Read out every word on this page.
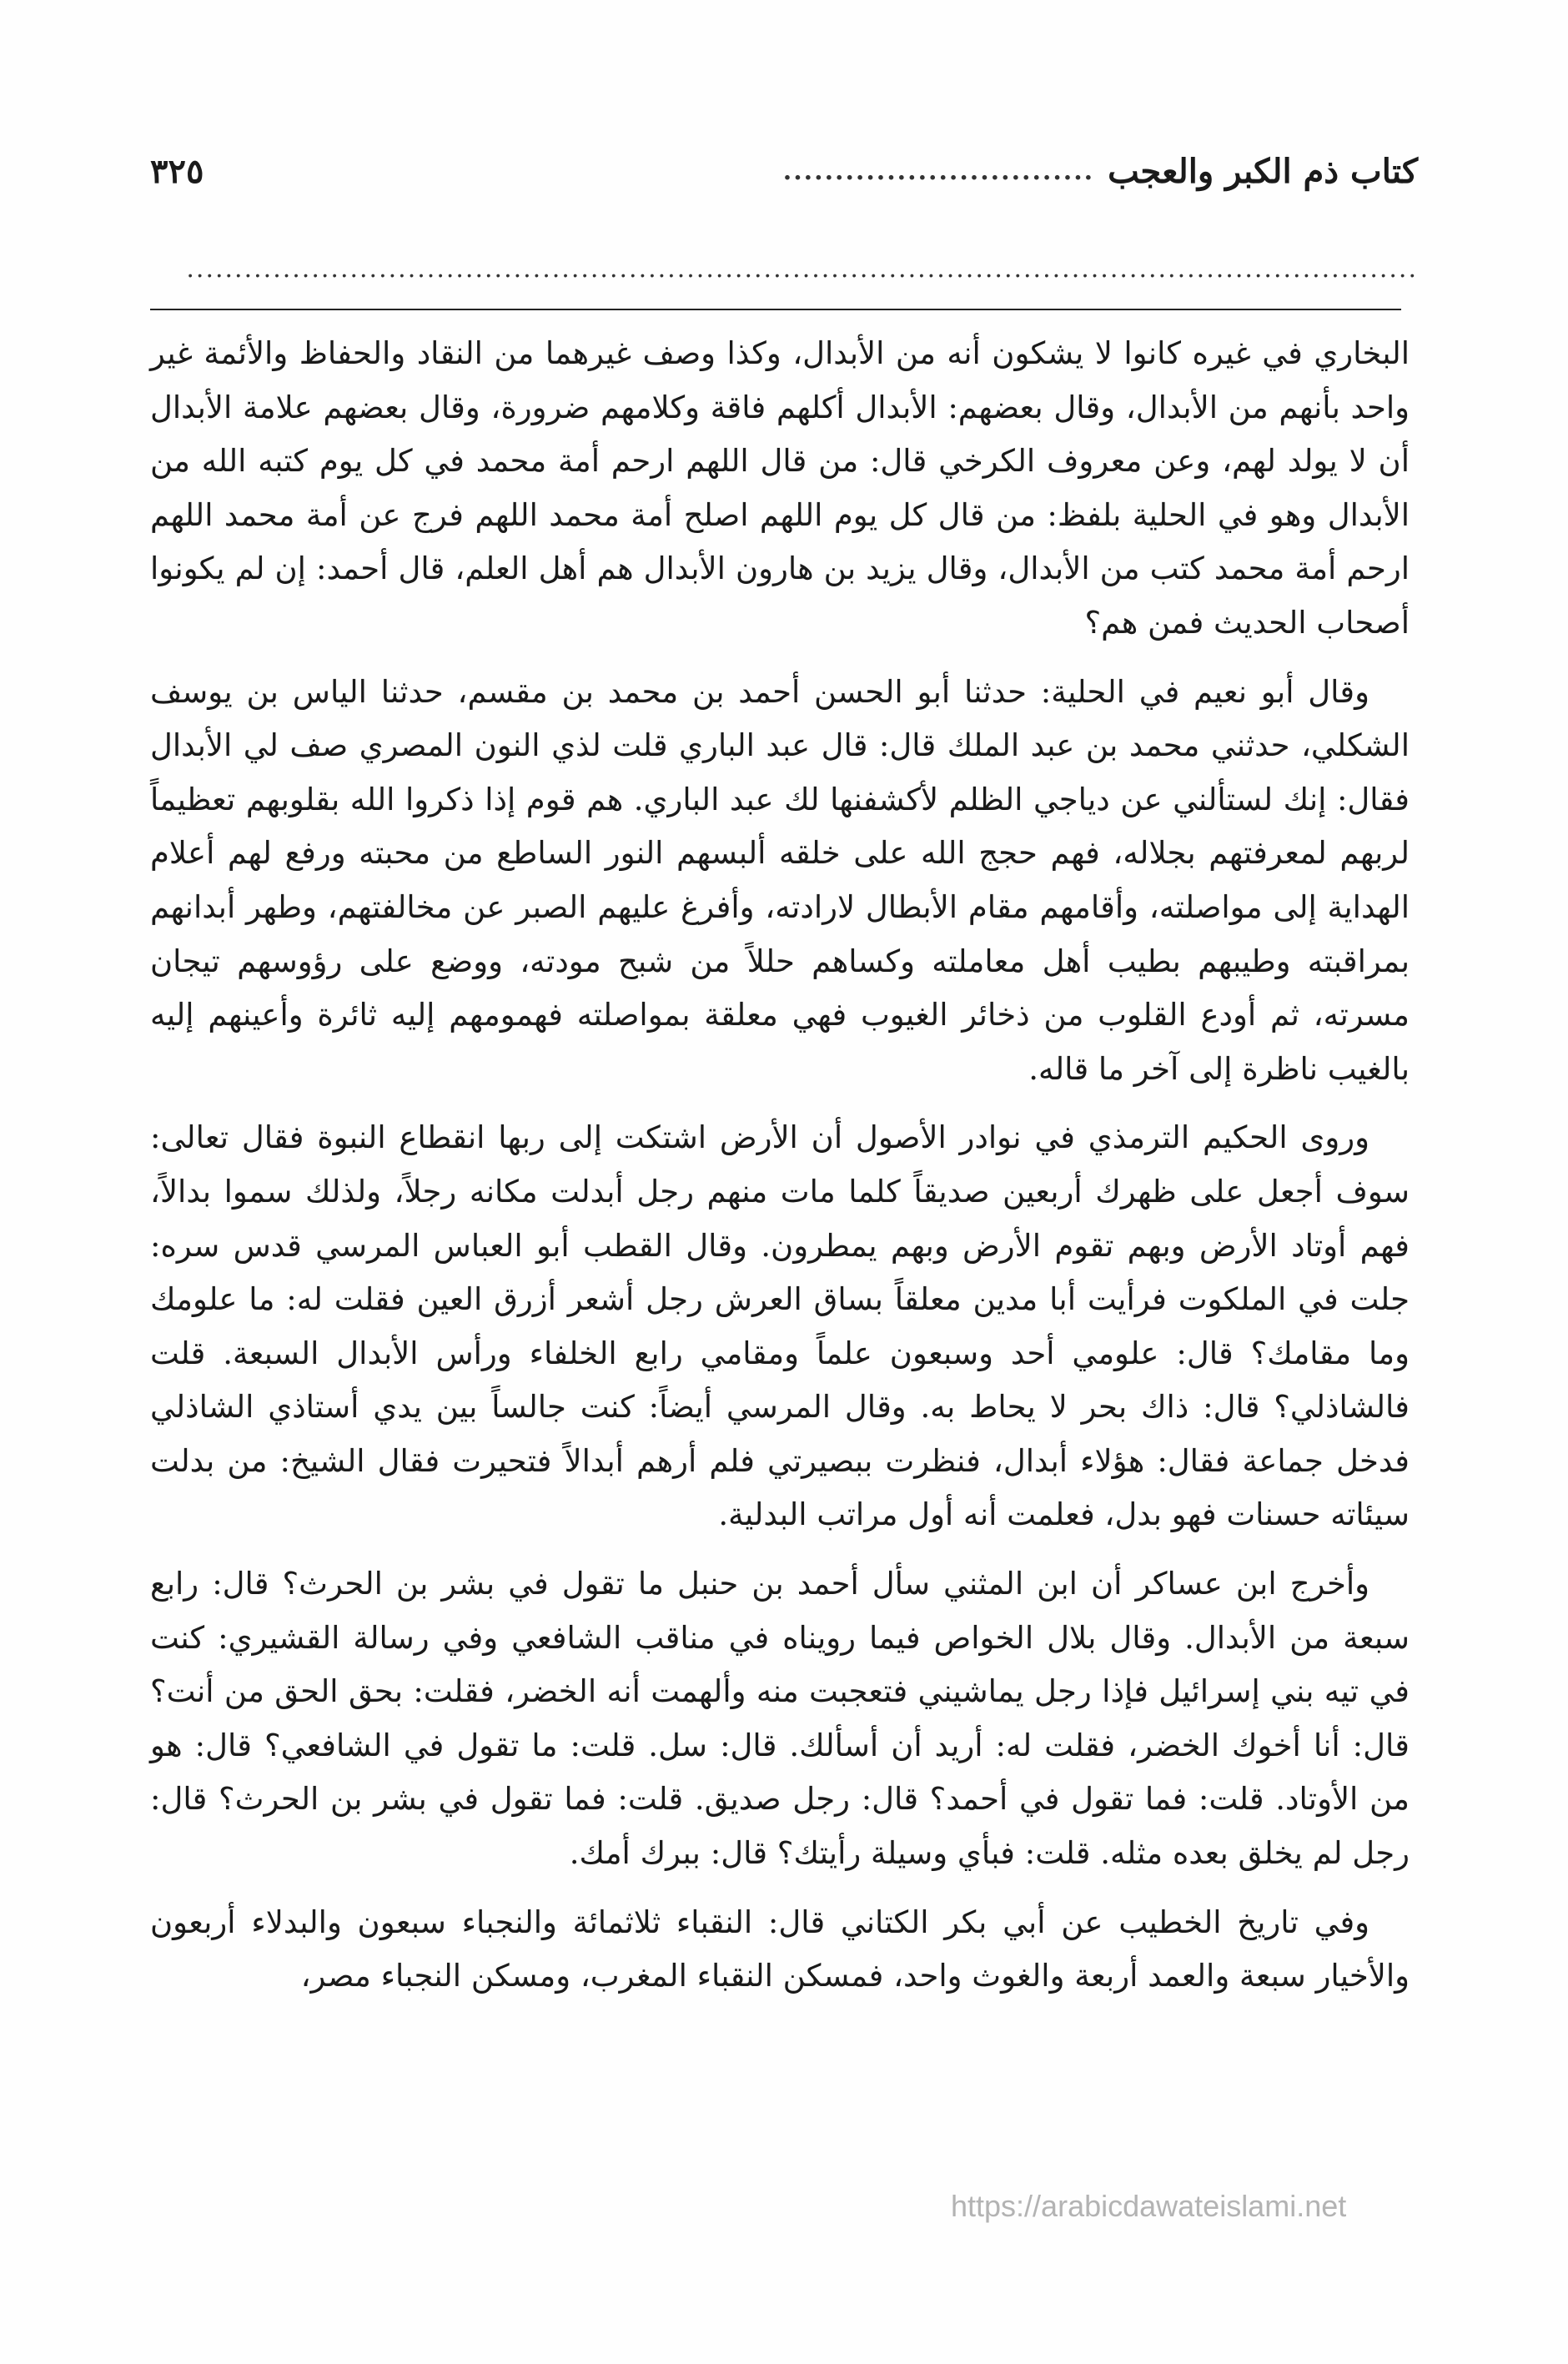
كتاب ذم الكبر والعجب
..............................
٣٢٥
................................................................................................................................

البخاري في غيره كانوا لا يشكون أنه من الأبدال، وكذا وصف غيرهما من النقاد والحفاظ والأئمة غير واحد بأنهم من الأبدال، وقال بعضهم: الأبدال أكلهم فاقة وكلامهم ضرورة، وقال بعضهم علامة الأبدال أن لا يولد لهم، وعن معروف الكرخي قال: من قال اللهم ارحم أمة محمد في كل يوم كتبه الله من الأبدال وهو في الحلية بلفظ: من قال كل يوم اللهم اصلح أمة محمد اللهم فرج عن أمة محمد اللهم ارحم أمة محمد كتب من الأبدال، وقال يزيد بن هارون الأبدال هم أهل العلم، قال أحمد: إن لم يكونوا أصحاب الحديث فمن هم؟

وقال أبو نعيم في الحلية: حدثنا أبو الحسن أحمد بن محمد بن مقسم، حدثنا الياس بن يوسف الشكلي، حدثني محمد بن عبد الملك قال: قال عبد الباري قلت لذي النون المصري صف لي الأبدال فقال: إنك لستألني عن دياجي الظلم لأكشفنها لك عبد الباري. هم قوم إذا ذكروا الله بقلوبهم تعظيماً لربهم لمعرفتهم بجلاله، فهم حجج الله على خلقه ألبسهم النور الساطع من محبته ورفع لهم أعلام الهداية إلى مواصلته، وأقامهم مقام الأبطال لارادته، وأفرغ عليهم الصبر عن مخالفتهم، وطهر أبدانهم بمراقبته وطيبهم بطيب أهل معاملته وكساهم حللاً من شبح مودته، ووضع على رؤوسهم تيجان مسرته، ثم أودع القلوب من ذخائر الغيوب فهي معلقة بمواصلته فهمومهم إليه ثائرة وأعينهم إليه بالغيب ناظرة إلى آخر ما قاله.

وروى الحكيم الترمذي في نوادر الأصول أن الأرض اشتكت إلى ربها انقطاع النبوة فقال تعالى: سوف أجعل على ظهرك أربعين صديقاً كلما مات منهم رجل أبدلت مكانه رجلاً، ولذلك سموا بدالاً، فهم أوتاد الأرض وبهم تقوم الأرض وبهم يمطرون. وقال القطب أبو العباس المرسي قدس سره: جلت في الملكوت فرأيت أبا مدين معلقاً بساق العرش رجل أشعر أزرق العين فقلت له: ما علومك وما مقامك؟ قال: علومي أحد وسبعون علماً ومقامي رابع الخلفاء ورأس الأبدال السبعة. قلت فالشاذلي؟ قال: ذاك بحر لا يحاط به. وقال المرسي أيضاً: كنت جالساً بين يدي أستاذي الشاذلي فدخل جماعة فقال: هؤلاء أبدال، فنظرت ببصيرتي فلم أرهم أبدالاً فتحيرت فقال الشيخ: من بدلت سيئاته حسنات فهو بدل، فعلمت أنه أول مراتب البدلية.

وأخرج ابن عساكر أن ابن المثني سأل أحمد بن حنبل ما تقول في بشر بن الحرث؟ قال: رابع سبعة من الأبدال. وقال بلال الخواص فيما رويناه في مناقب الشافعي وفي رسالة القشيري: كنت في تيه بني إسرائيل فإذا رجل يماشيني فتعجبت منه وألهمت أنه الخضر، فقلت: بحق الحق من أنت؟ قال: أنا أخوك الخضر، فقلت له: أريد أن أسألك. قال: سل. قلت: ما تقول في الشافعي؟ قال: هو من الأوتاد. قلت: فما تقول في أحمد؟ قال: رجل صديق. قلت: فما تقول في بشر بن الحرث؟ قال: رجل لم يخلق بعده مثله. قلت: فبأي وسيلة رأيتك؟ قال: ببرك أمك.

وفي تاريخ الخطيب عن أبي بكر الكتاني قال: النقباء ثلاثمائة والنجباء سبعون والبدلاء أربعون والأخيار سبعة والعمد أربعة والغوث واحد، فمسكن النقباء المغرب، ومسكن النجباء مصر،

https://arabicdawateislami.net
